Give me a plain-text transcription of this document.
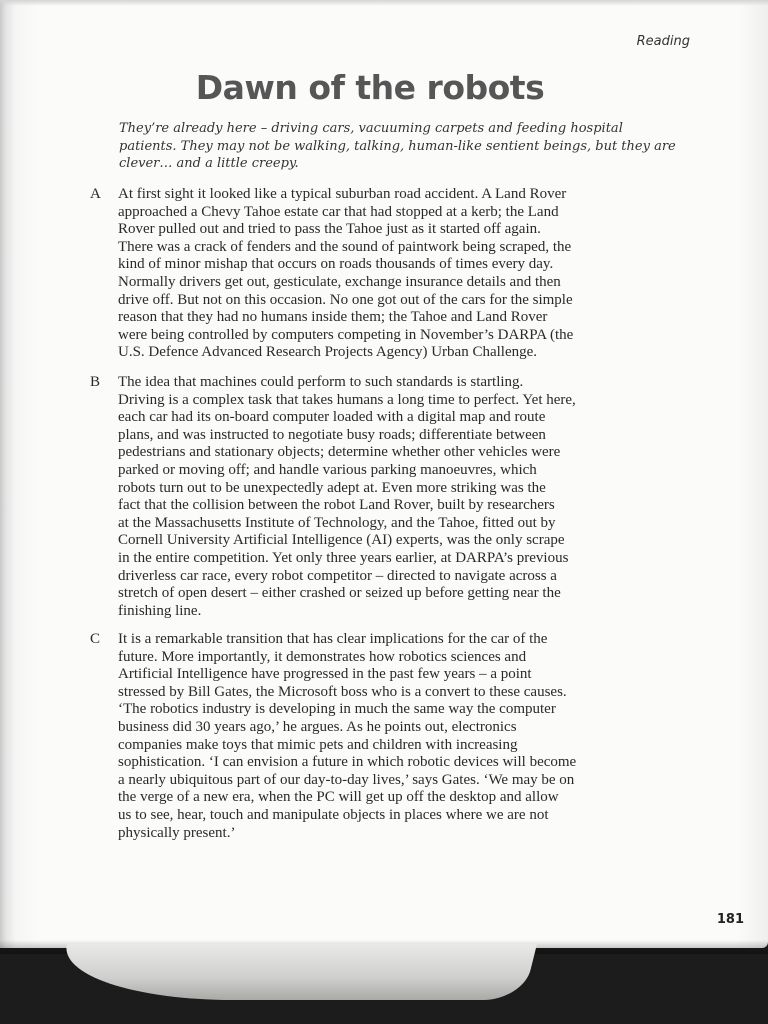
Reading
Dawn of the robots

They’re already here – driving cars, vacuuming carpets and feeding hospital
patients. They may not be walking, talking, human-like sentient beings, but they are
clever… and a little creepy.

A	At first sight it looked like a typical suburban road accident. A Land Rover
approached a Chevy Tahoe estate car that had stopped at a kerb; the Land
Rover pulled out and tried to pass the Tahoe just as it started off again.
There was a crack of fenders and the sound of paintwork being scraped, the
kind of minor mishap that occurs on roads thousands of times every day.
Normally drivers get out, gesticulate, exchange insurance details and then
drive off. But not on this occasion. No one got out of the cars for the simple
reason that they had no humans inside them; the Tahoe and Land Rover
were being controlled by computers competing in November’s DARPA (the
U.S. Defence Advanced Research Projects Agency) Urban Challenge.
B	The idea that machines could perform to such standards is startling.
Driving is a complex task that takes humans a long time to perfect. Yet here,
each car had its on-board computer loaded with a digital map and route
plans, and was instructed to negotiate busy roads; differentiate between
pedestrians and stationary objects; determine whether other vehicles were
parked or moving off; and handle various parking manoeuvres, which
robots turn out to be unexpectedly adept at. Even more striking was the
fact that the collision between the robot Land Rover, built by researchers
at the Massachusetts Institute of Technology, and the Tahoe, fitted out by
Cornell University Artificial Intelligence (AI) experts, was the only scrape
in the entire competition. Yet only three years earlier, at DARPA’s previous
driverless car race, every robot competitor – directed to navigate across a
stretch of open desert – either crashed or seized up before getting near the
finishing line.
C	It is a remarkable transition that has clear implications for the car of the
future. More importantly, it demonstrates how robotics sciences and
Artificial Intelligence have progressed in the past few years – a point
stressed by Bill Gates, the Microsoft boss who is a convert to these causes.
‘The robotics industry is developing in much the same way the computer
business did 30 years ago,’ he argues. As he points out, electronics
companies make toys that mimic pets and children with increasing
sophistication. ‘I can envision a future in which robotic devices will become
a nearly ubiquitous part of our day-to-day lives,’ says Gates. ‘We may be on
the verge of a new era, when the PC will get up off the desktop and allow
us to see, hear, touch and manipulate objects in places where we are not
physically present.’
181
